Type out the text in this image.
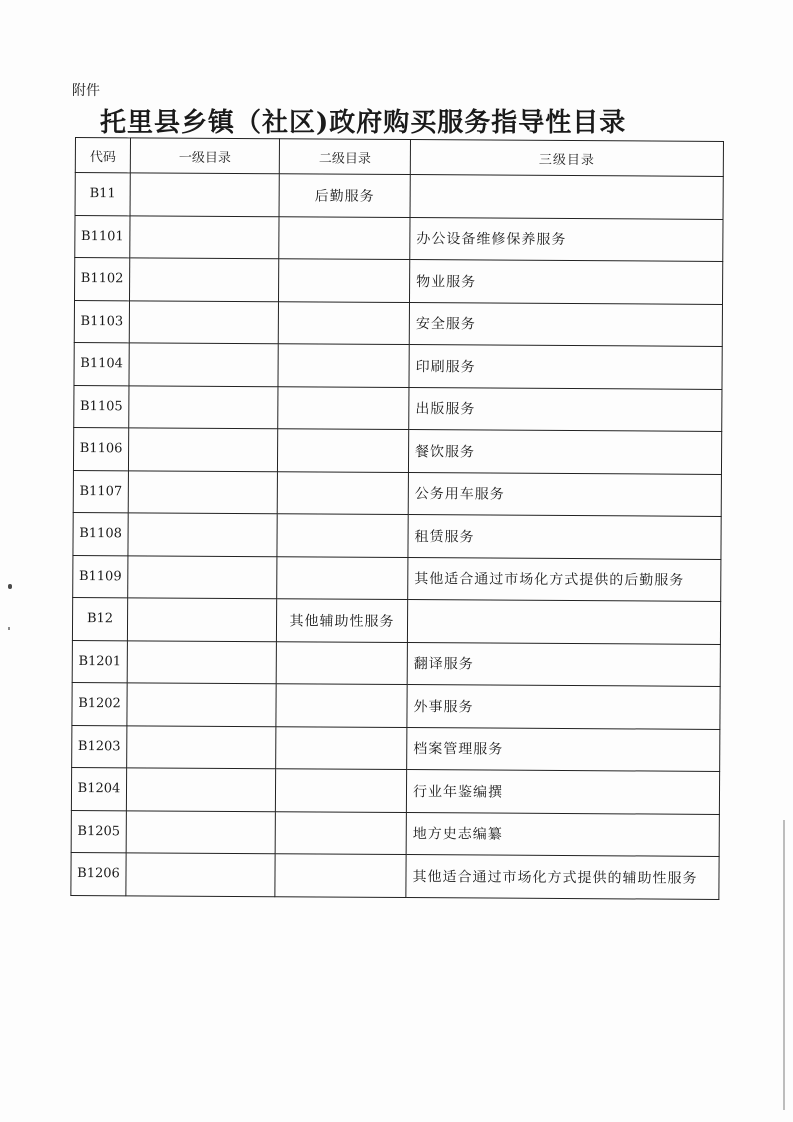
附件
托里县乡镇（社区)政府购买服务指导性目录
代码	一级目录	二级目录	三级目录
B11		后勤服务	
B1101			办公设备维修保养服务
B1102			物业服务
B1103			安全服务
B1104			印刷服务
B1105			出版服务
B1106			餐饮服务
B1107			公务用车服务
B1108			租赁服务
B1109			其他适合通过市场化方式提供的后勤服务
B12		其他辅助性服务	
B1201			翻译服务
B1202			外事服务
B1203			档案管理服务
B1204			行业年鉴编撰
B1205			地方史志编纂
B1206			其他适合通过市场化方式提供的辅助性服务
